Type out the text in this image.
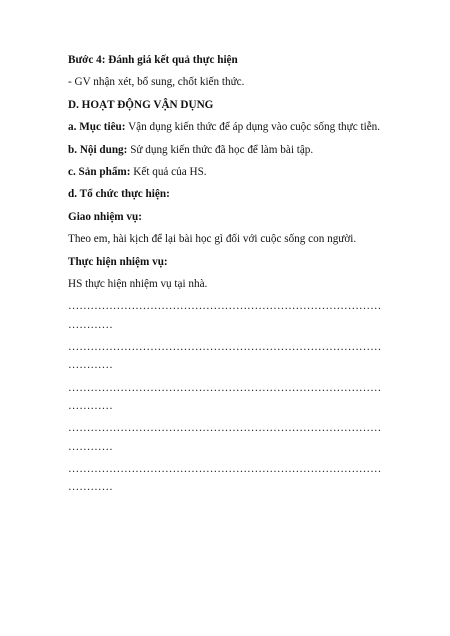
Bước 4: Đánh giá kết quả thực hiện
- GV nhận xét, bổ sung, chốt kiến thức.
D. HOẠT ĐỘNG VẬN DỤNG
a. Mục tiêu: Vận dụng kiến thức để áp dụng vào cuộc sống thực tiễn.
b. Nội dung: Sử dụng kiến thức đã học để làm bài tập.
c. Sản phẩm: Kết quả của HS.
d. Tổ chức thực hiện:
Giao nhiệm vụ:
Theo em, hài kịch để lại bài học gì đối với cuộc sống con người.
Thực hiện nhiệm vụ:
HS thực hiện nhiệm vụ tại nhà.
…………………………………………………………………………
…………
…………………………………………………………………………
…………
…………………………………………………………………………
…………
…………………………………………………………………………
…………
…………………………………………………………………………
…………
